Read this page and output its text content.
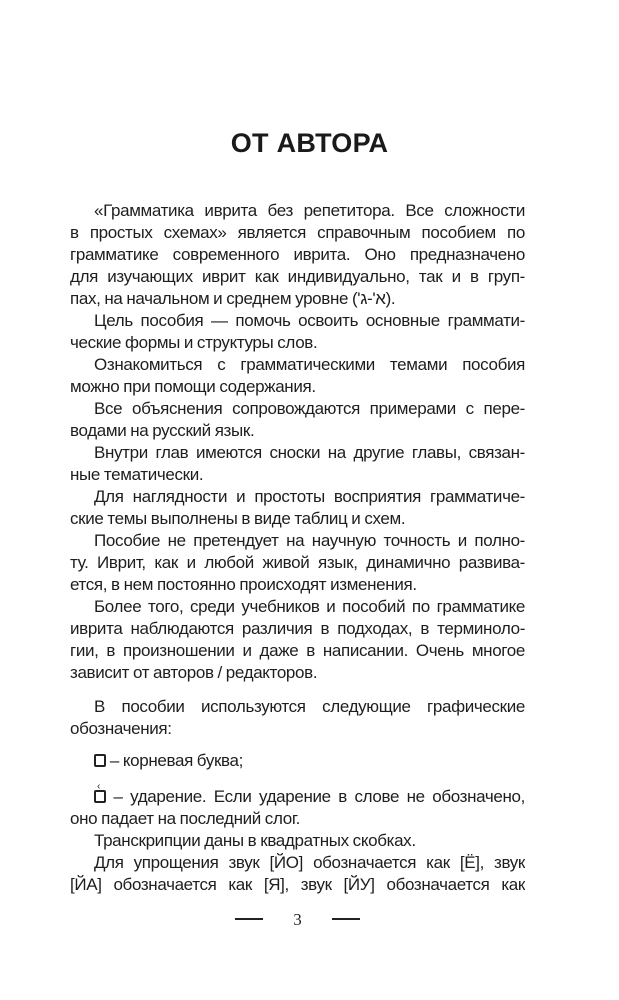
ОТ АВТОРА
«Грамматика иврита без репетитора. Все сложности
в простых схемах» является справочным пособием по
грамматике современного иврита. Оно предназначено
для изучающих иврит как индивидуально, так и в груп-
пах, на начальном и среднем уровне (⁨א'-ג'⁩).
Цель пособия — помочь освоить основные граммати-
ческие формы и структуры слов.
Ознакомиться с грамматическими темами пособия
можно при помощи содержания.
Все объяснения сопровождаются примерами с пере-
водами на русский язык.
Внутри глав имеются сноски на другие главы, связан-
ные тематически.
Для наглядности и простоты восприятия грамматиче-
ские темы выполнены в виде таблиц и схем.
Пособие не претендует на научную точность и полно-
ту. Иврит, как и любой живой язык, динамично развива-
ется, в нем постоянно происходят изменения.
Более того, среди учебников и пособий по грамматике
иврита наблюдаются различия в подходах, в терминоло-
гии, в произношении и даже в написании. Очень многое
зависит от авторов / редакторов.
В пособии используются следующие графические
обозначения:
– корневая буква;
‹
– ударение. Если ударение в слове не обозначено,
оно падает на последний слог.
Транскрипции даны в квадратных скобках.
Для упрощения звук [ЙО] обозначается как [Ё], звук
[ЙА] обозначается как [Я], звук [ЙУ] обозначается как
3
